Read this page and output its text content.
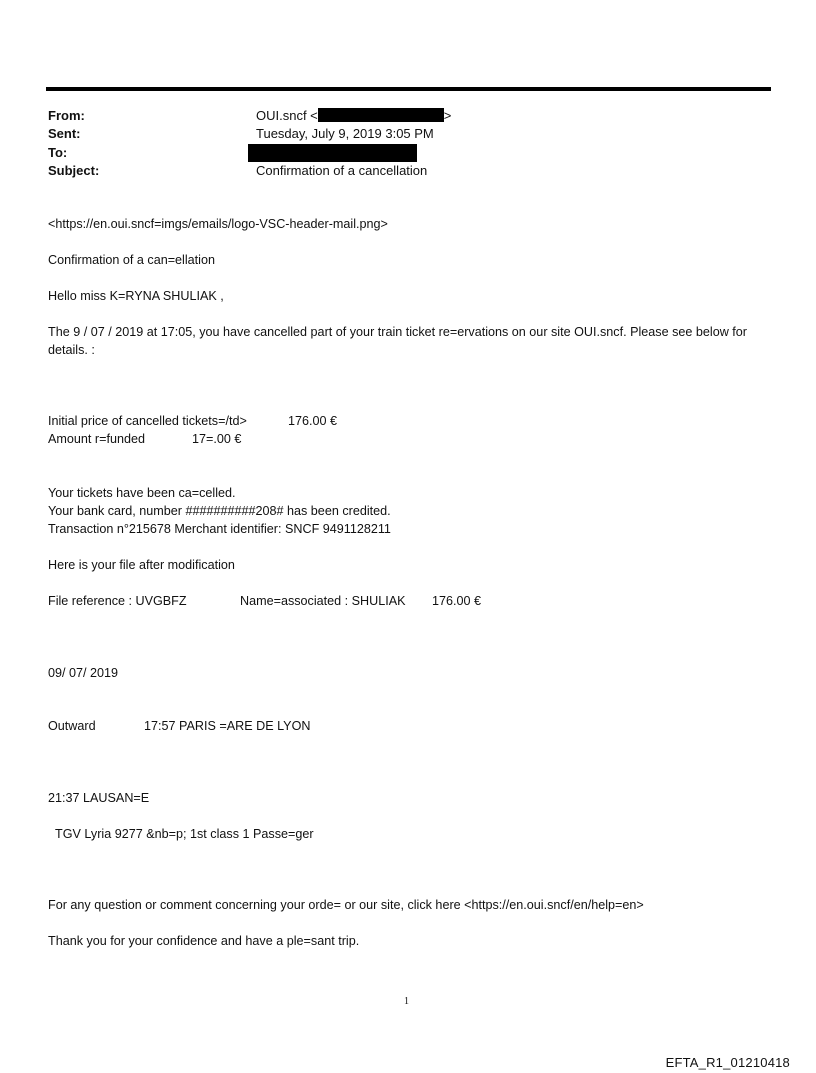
From:	OUI.sncf <	>
Sent:	Tuesday, July 9, 2019 3:05 PM
To:
Subject:	Confirmation of a cancellation
<https://en.oui.sncf=imgs/emails/logo-VSC-header-mail.png>
Confirmation of a can=ellation
Hello miss K=RYNA SHULIAK ,
The 9 / 07 / 2019 at 17:05, you have cancelled part of your train ticket re=ervations on our site OUI.sncf. Please see below for details. :
Initial price of cancelled tickets=/td>	176.00 €
Amount r=funded	17=.00 €
Your tickets have been ca=celled.
Your bank card, number ##########208# has been credited.
Transaction n°215678 Merchant identifier: SNCF 9491128211
Here is your file after modification
File reference : UVGBFZ	Name=associated : SHULIAK 176.00 €
09/ 07/ 2019
Outward	17:57 PARIS =ARE DE LYON
21:37 LAUSAN=E
TGV Lyria 9277 &nb=p; 1st class 1 Passe=ger
For any question or comment concerning your orde= or our site, click here <https://en.oui.sncf/en/help=en>
Thank you for your confidence and have a ple=sant trip.
1
EFTA_R1_01210418
